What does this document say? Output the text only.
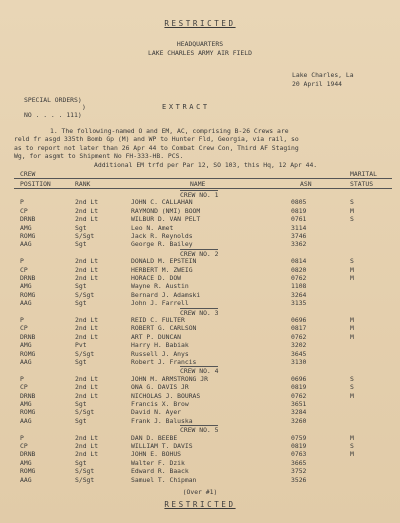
RESTRICTED
HEADQUARTERS
LAKE CHARLES ARMY AIR FIELD
Lake Charles, La
20 April 1944
SPECIAL ORDERS)
)	EXTRACT
NO . . . . 111)
1. The following-named O and EM, AC, comprising B-26 Crews are
reld fr asgd 335th Bomb Gp (M) and WP to Hunter Fld, Georgia, via rail, so
as to report not later than 26 Apr 44 to Combat Crew Con, Third AF Staging
Wg, for asgmt to Shipment No FH-333-HB. PCS.
Additional EM trfd per Par 12, SO 103, this Hq, 12 Apr 44.
CREW	MARITAL
POSITION	RANK	NAME	ASN	STATUS
CREW NO. 1
P	2nd Lt	JOHN C. CALLAHAN	0805	S
CP	2nd Lt	RAYMOND (NMI) BOOM	0819	M
DRNB	2nd Lt	WILBUR D. VAN PELT	0761	S
AMG	Sgt	Leo N. Amet	3114
ROMG	S/Sgt	Jack R. Reynolds	3746
AAG	Sgt	George R. Bailey	3362
CREW NO. 2
P	2nd Lt	DONALD M. EPSTEIN	0814	S
CP	2nd Lt	HERBERT M. ZWEIG	0820	M
DRNB	2nd Lt	HORACE D. DOW	0762	M
AMG	Sgt	Wayne R. Austin	1108
ROMG	S/Sgt	Bernard J. Adamski	3264
AAG	Sgt	John J. Farrell	3135
CREW NO. 3
P	2nd Lt	REID C. FULTER	0696	M
CP	2nd Lt	ROBERT G. CARLSON	0817	M
DRNB	2nd Lt	ART P. DUNCAN	0762	M
AMG	Pvt	Harry H. Babiak	3202
ROMG	S/Sgt	Russell J. Anys	3645
AAG	Sgt	Robert J. Francis	3130
CREW NO. 4
P	2nd Lt	JOHN M. ARMSTRONG JR	0696	S
CP	2nd Lt	ONA G. DAVIS JR	0819	S
DRNB	2nd Lt	NICHOLAS J. BOURAS	0762	M
AMG	Sgt	Francis X. Brow	3651
ROMG	S/Sgt	David N. Ayer	3284
AAG	Sgt	Frank J. Baluska	3260
CREW NO. 5
P	2nd Lt	DAN D. BEEBE	0759	M
CP	2nd Lt	WILLIAM T. DAVIS	0819	S
DRNB	2nd Lt	JOHN E. BOHUS	0763	M
AMG	Sgt	Walter F. Dzik	3665
ROMG	S/Sgt	Edward R. Baack	3752
AAG	S/Sgt	Samuel T. Chipman	3526
(Over #1)
RESTRICTED
